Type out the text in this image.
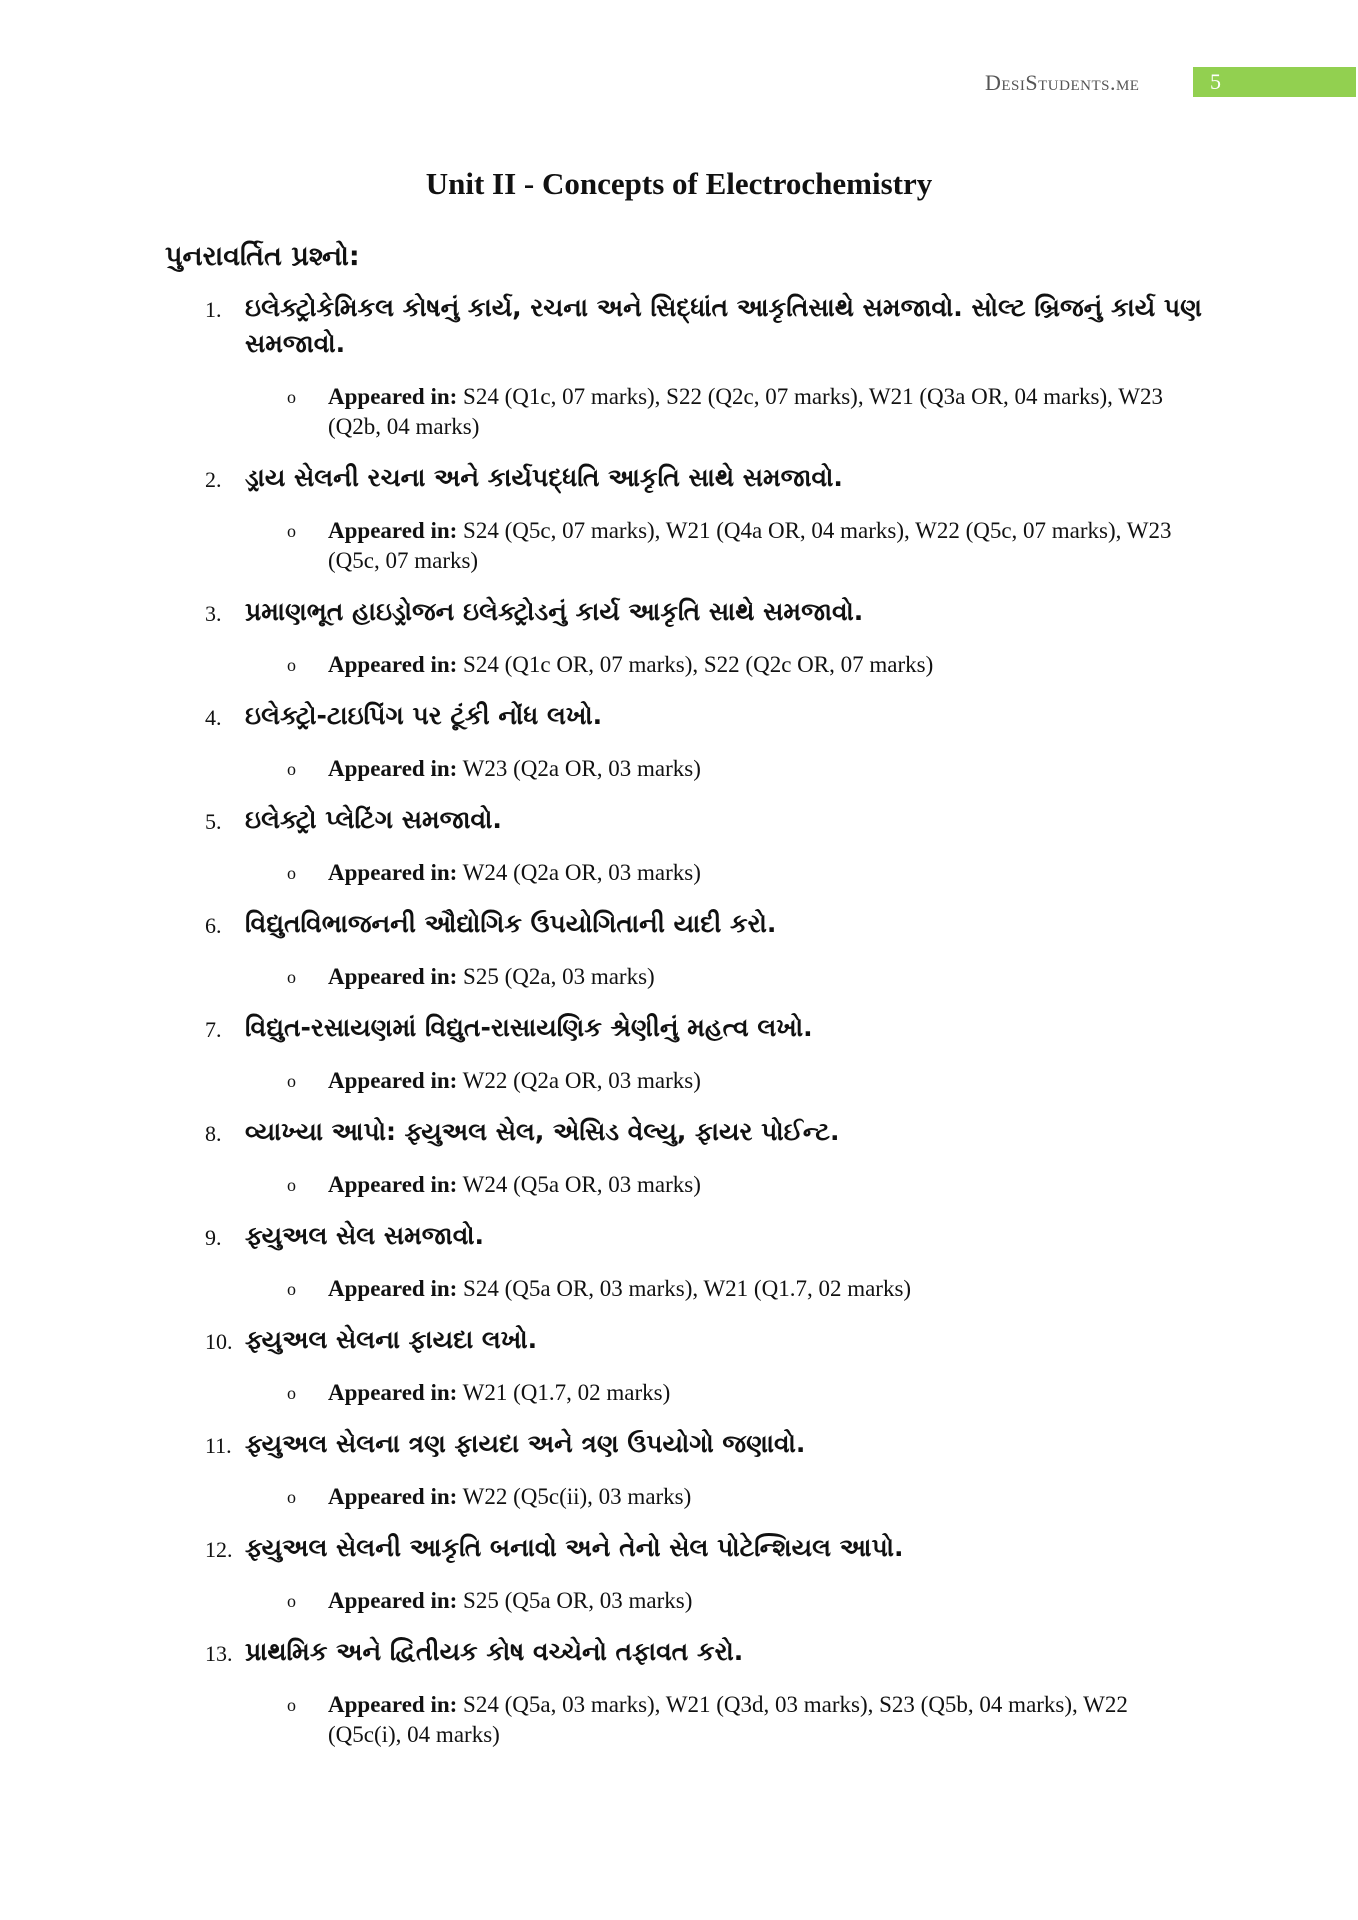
DesiStudents.me	5
Unit II - Concepts of Electrochemistry
પુનરાવર્તિત પ્રશ્નો:
1. ઇલેક્ટ્રોકેમિકલ કોષનું કાર્ય, રચના અને સિદ્ધાંત આકૃતિસાથે સમજાવો. સોલ્ટ બ્રિજનું કાર્ય પણ સમજાવો.
o Appeared in: S24 (Q1c, 07 marks), S22 (Q2c, 07 marks), W21 (Q3a OR, 04 marks), W23 (Q2b, 04 marks)
2. ડ્રાય સેલની રચના અને કાર્યપદ્ધતિ આકૃતિ સાથે સમજાવો.
o Appeared in: S24 (Q5c, 07 marks), W21 (Q4a OR, 04 marks), W22 (Q5c, 07 marks), W23 (Q5c, 07 marks)
3. પ્રમાણભૂત હાઇડ્રોજન ઇલેક્ટ્રોડનું કાર્ય આકૃતિ સાથે સમજાવો.
o Appeared in: S24 (Q1c OR, 07 marks), S22 (Q2c OR, 07 marks)
4. ઇલેક્ટ્રો-ટાઇપિંગ પર ટૂંકી નોંધ લખો.
o Appeared in: W23 (Q2a OR, 03 marks)
5. ઇલેક્ટ્રો પ્લેટિંગ સમજાવો.
o Appeared in: W24 (Q2a OR, 03 marks)
6. વિદ્યુતવિભાજનની ઔદ્યોગિક ઉપયોગિતાની યાદી કરો.
o Appeared in: S25 (Q2a, 03 marks)
7. વિદ્યુત-રસાયણમાં વિદ્યુત-રાસાયણિક શ્રેણીનું મહત્વ લખો.
o Appeared in: W22 (Q2a OR, 03 marks)
8. વ્યાખ્યા આપો: ફ્યુઅલ સેલ, એસિડ વેલ્યુ, ફાયર પોઈન્ટ.
o Appeared in: W24 (Q5a OR, 03 marks)
9. ફ્યુઅલ સેલ સમજાવો.
o Appeared in: S24 (Q5a OR, 03 marks), W21 (Q1.7, 02 marks)
10. ફ્યુઅલ સેલના ફાયદા લખો.
o Appeared in: W21 (Q1.7, 02 marks)
11. ફ્યુઅલ સેલના ત્રણ ફાયદા અને ત્રણ ઉપયોગો જણાવો.
o Appeared in: W22 (Q5c(ii), 03 marks)
12. ફ્યુઅલ સેલની આકૃતિ બનાવો અને તેનો સેલ પોટેન્શિયલ આપો.
o Appeared in: S25 (Q5a OR, 03 marks)
13. પ્રાથમિક અને દ્વિતીયક કોષ વચ્ચેનો તફાવત કરો.
o Appeared in: S24 (Q5a, 03 marks), W21 (Q3d, 03 marks), S23 (Q5b, 04 marks), W22 (Q5c(i), 04 marks)
